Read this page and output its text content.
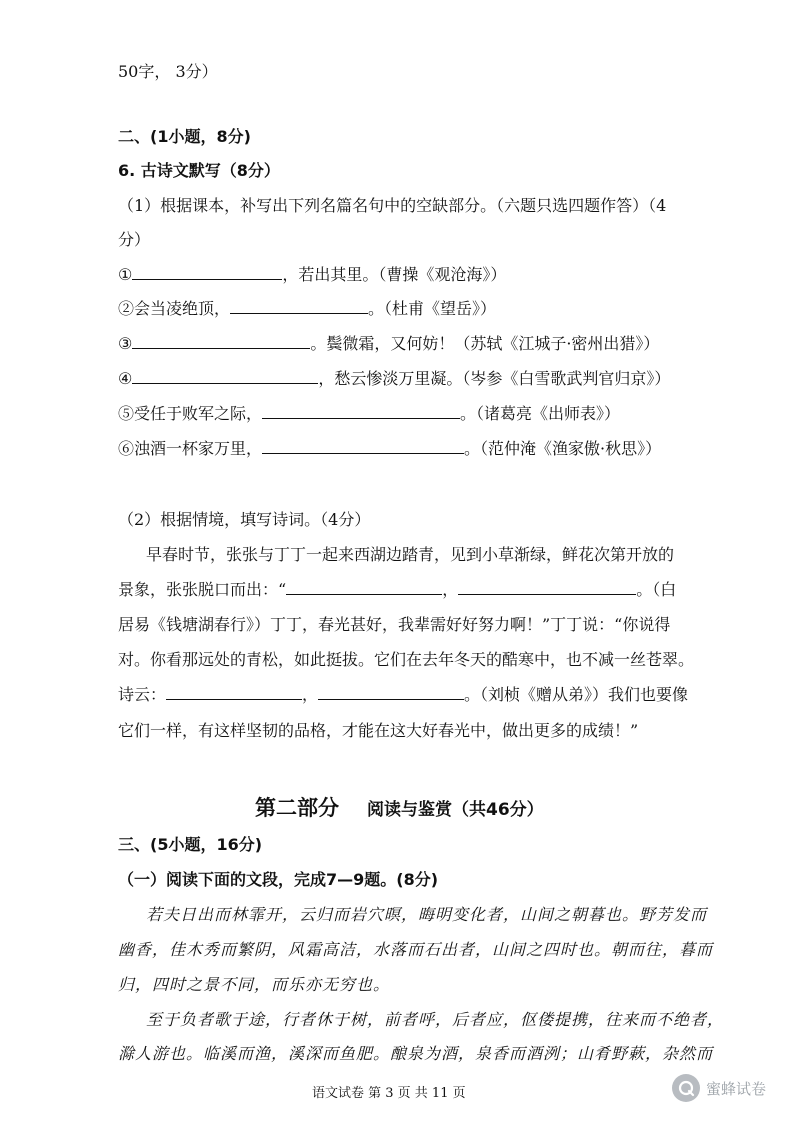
50字， 3分）
二、(1小题，8分)
6. 古诗文默写（8分）
（1）根据课本，补写出下列名篇名句中的空缺部分。（六题只选四题作答）（4
分）
①	，若出其里。（曹操《观沧海》）
②会当凌绝顶，	。（杜甫《望岳》）
③	。鬓微霜，又何妨！（苏轼《江城子·密州出猎》）
④	，愁云惨淡万里凝。（岑参《白雪歌武判官归京》）
⑤受任于败军之际，	。（诸葛亮《出师表》）
⑥浊酒一杯家万里，	。（范仲淹《渔家傲·秋思》）
（2）根据情境，填写诗词。（4分）
早春时节，张张与丁丁一起来西湖边踏青，见到小草渐绿，鲜花次第开放的
景象，张张脱口而出：“	，	。（白
居易《钱塘湖春行》）丁丁，春光甚好，我辈需好好努力啊！”丁丁说：“你说得
对。你看那远处的青松，如此挺拔。它们在去年冬天的酷寒中，也不减一丝苍翠。
诗云：	，	。（刘桢《赠从弟》）我们也要像
它们一样，有这样坚韧的品格，才能在这大好春光中，做出更多的成绩！”
第二部分 阅读与鉴赏（共46分）
三、(5小题，16分)
（一）阅读下面的文段，完成7—9题。(8分)
若夫日出而林霏开，云归而岩穴暝，晦明变化者，山间之朝暮也。野芳发而
幽香，佳木秀而繁阴，风霜高洁，水落而石出者，山间之四时也。朝而往，暮而
归，四时之景不同，而乐亦无穷也。
至于负者歌于途，行者休于树，前者呼，后者应，伛偻提携，往来而不绝者，
滁人游也。临溪而渔，溪深而鱼肥。酿泉为酒，泉香而酒洌；山肴野蔌，杂然而
语文试卷 第 3 页 共 11 页	蜜蜂试卷
